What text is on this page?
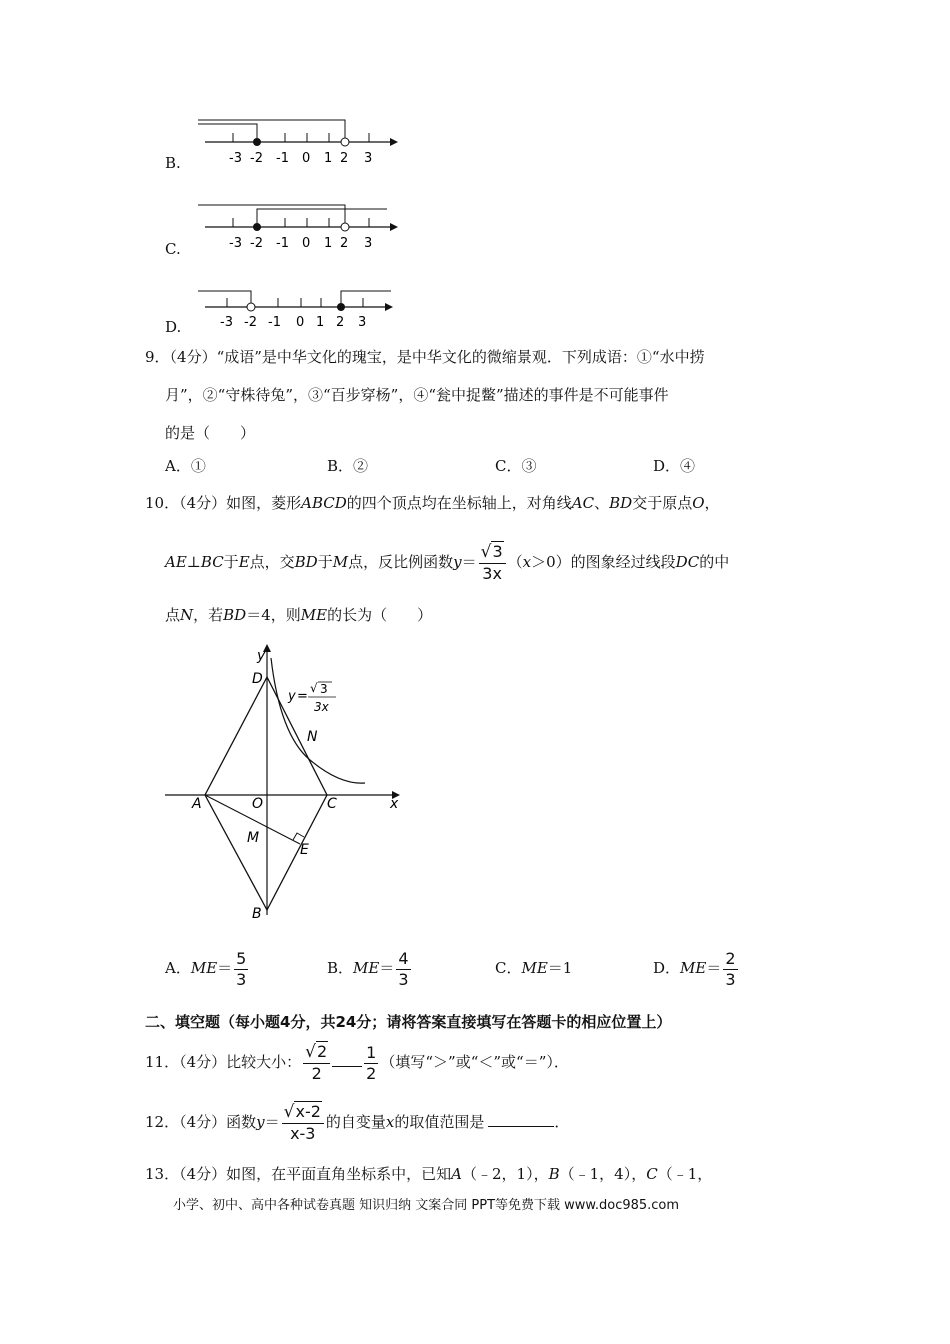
B.	-3 -2 -1 0 1 2 3
C.	-3 -2 -1 0 1 2 3
D.	-3 -2 -1 0 1 2 3
9．（4分）“成语”是中华文化的瑰宝，是中华文化的微缩景观．下列成语：①“水中捞
月”，②“守株待兔”，③“百步穿杨”，④“瓮中捉鳖”描述的事件是不可能事件
的是（　　）
A．①	B．②	C．③	D．④
10．（4分）如图，菱形ABCD的四个顶点均在坐标轴上，对角线AC、BD交于原点O，
AE⊥BC于E点，交BD于M点，反比例函数$y= \frac{√3}{3x} (x>0)$的图象经过线段DC的中
点N，若BD＝4，则ME的长为（　　）
D
y
A	O	C	x
M
E
B
N
y =
√ 3
3x
A．$ME= \frac{5}{3}$	B．$ME= \frac{4}{3}$	C．ME＝1	D．$ME= \frac{2}{3}$
二、填空题（每小题4分，共24分；请将答案直接填写在答题卡的相应位置上）
11．（4分）比较大小： $\frac{√2}{2} \frac{1}{2}$ （填写“＞”或“＜”或“＝”）．
12．（4分）函数$y= \frac{√x-2}{x-3}$ 的自变量x的取值范围是	．
13．（4分）如图，在平面直角坐标系中，已知A（﹣2，1），B（﹣1，4），C（﹣1，
小学、初中、高中各种试卷真题 知识归纳 文案合同 PPT等免费下载 www.doc985.com
